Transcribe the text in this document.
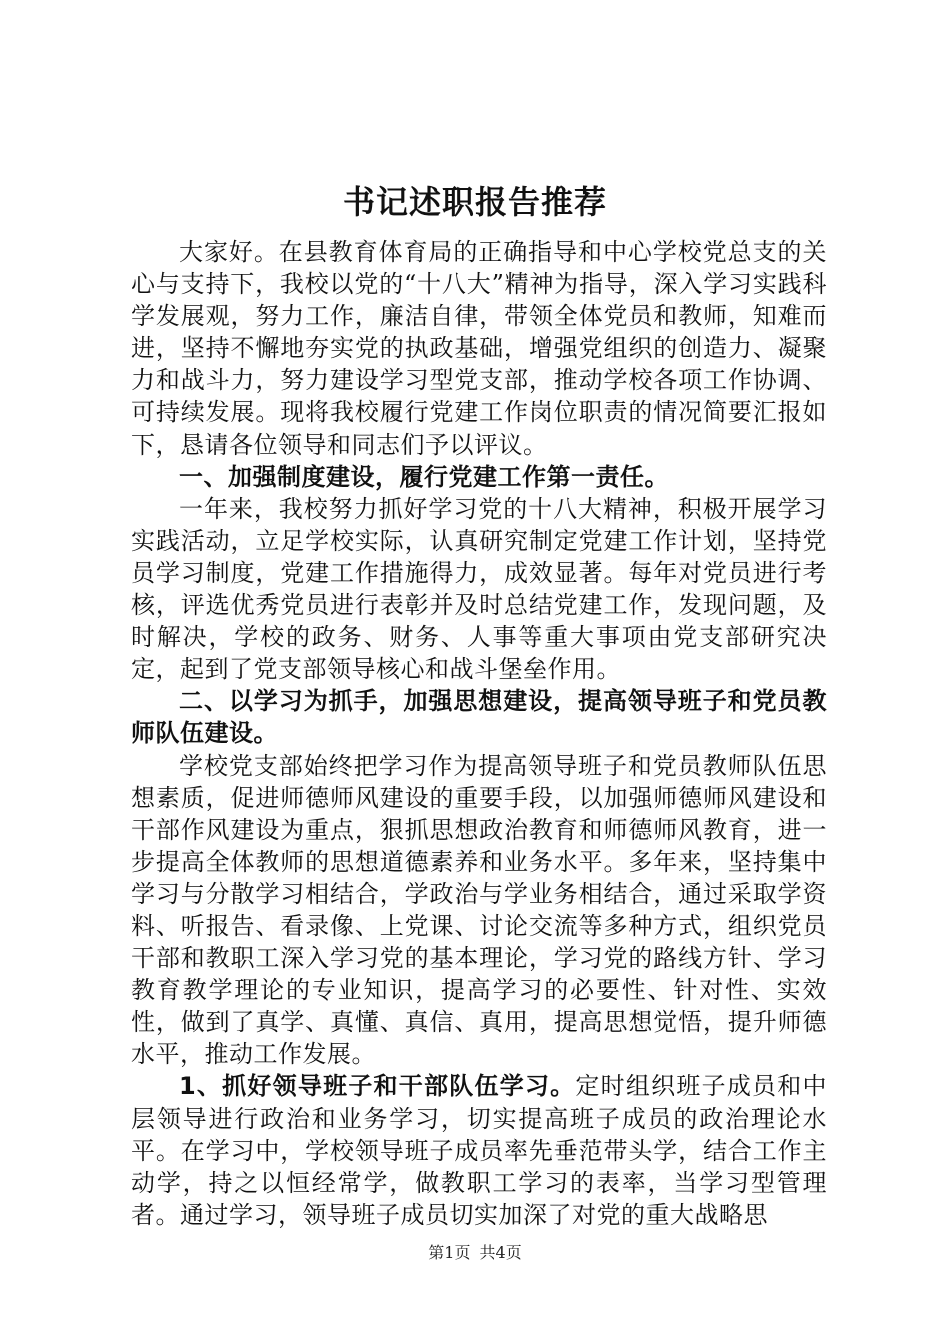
书记述职报告推荐

大家好。在县教育体育局的正确指导和中心学校党总支的关心与支持下，我校以党的“十八大”精神为指导，深入学习实践科学发展观，努力工作，廉洁自律，带领全体党员和教师，知难而进，坚持不懈地夯实党的执政基础，增强党组织的创造力、凝聚力和战斗力，努力建设学习型党支部，推动学校各项工作协调、可持续发展。现将我校履行党建工作岗位职责的情况简要汇报如下，恳请各位领导和同志们予以评议。

一、加强制度建设，履行党建工作第一责任。

一年来，我校努力抓好学习党的十八大精神，积极开展学习实践活动，立足学校实际，认真研究制定党建工作计划，坚持党员学习制度，党建工作措施得力，成效显著。每年对党员进行考核，评选优秀党员进行表彰并及时总结党建工作，发现问题，及时解决，学校的政务、财务、人事等重大事项由党支部研究决定，起到了党支部领导核心和战斗堡垒作用。

二、以学习为抓手，加强思想建设，提高领导班子和党员教师队伍建设。

学校党支部始终把学习作为提高领导班子和党员教师队伍思想素质，促进师德师风建设的重要手段，以加强师德师风建设和干部作风建设为重点，狠抓思想政治教育和师德师风教育，进一步提高全体教师的思想道德素养和业务水平。多年来，坚持集中学习与分散学习相结合，学政治与学业务相结合，通过采取学资料、听报告、看录像、上党课、讨论交流等多种方式，组织党员干部和教职工深入学习党的基本理论，学习党的路线方针、学习教育教学理论的专业知识，提高学习的必要性、针对性、实效性，做到了真学、真懂、真信、真用，提高思想觉悟，提升师德水平，推动工作发展。

1、抓好领导班子和干部队伍学习。定时组织班子成员和中层领导进行政治和业务学习，切实提高班子成员的政治理论水平。在学习中，学校领导班子成员率先垂范带头学，结合工作主动学，持之以恒经常学，做教职工学习的表率，当学习型管理者。通过学习，领导班子成员切实加深了对党的重大战略思

第1页 共4页
